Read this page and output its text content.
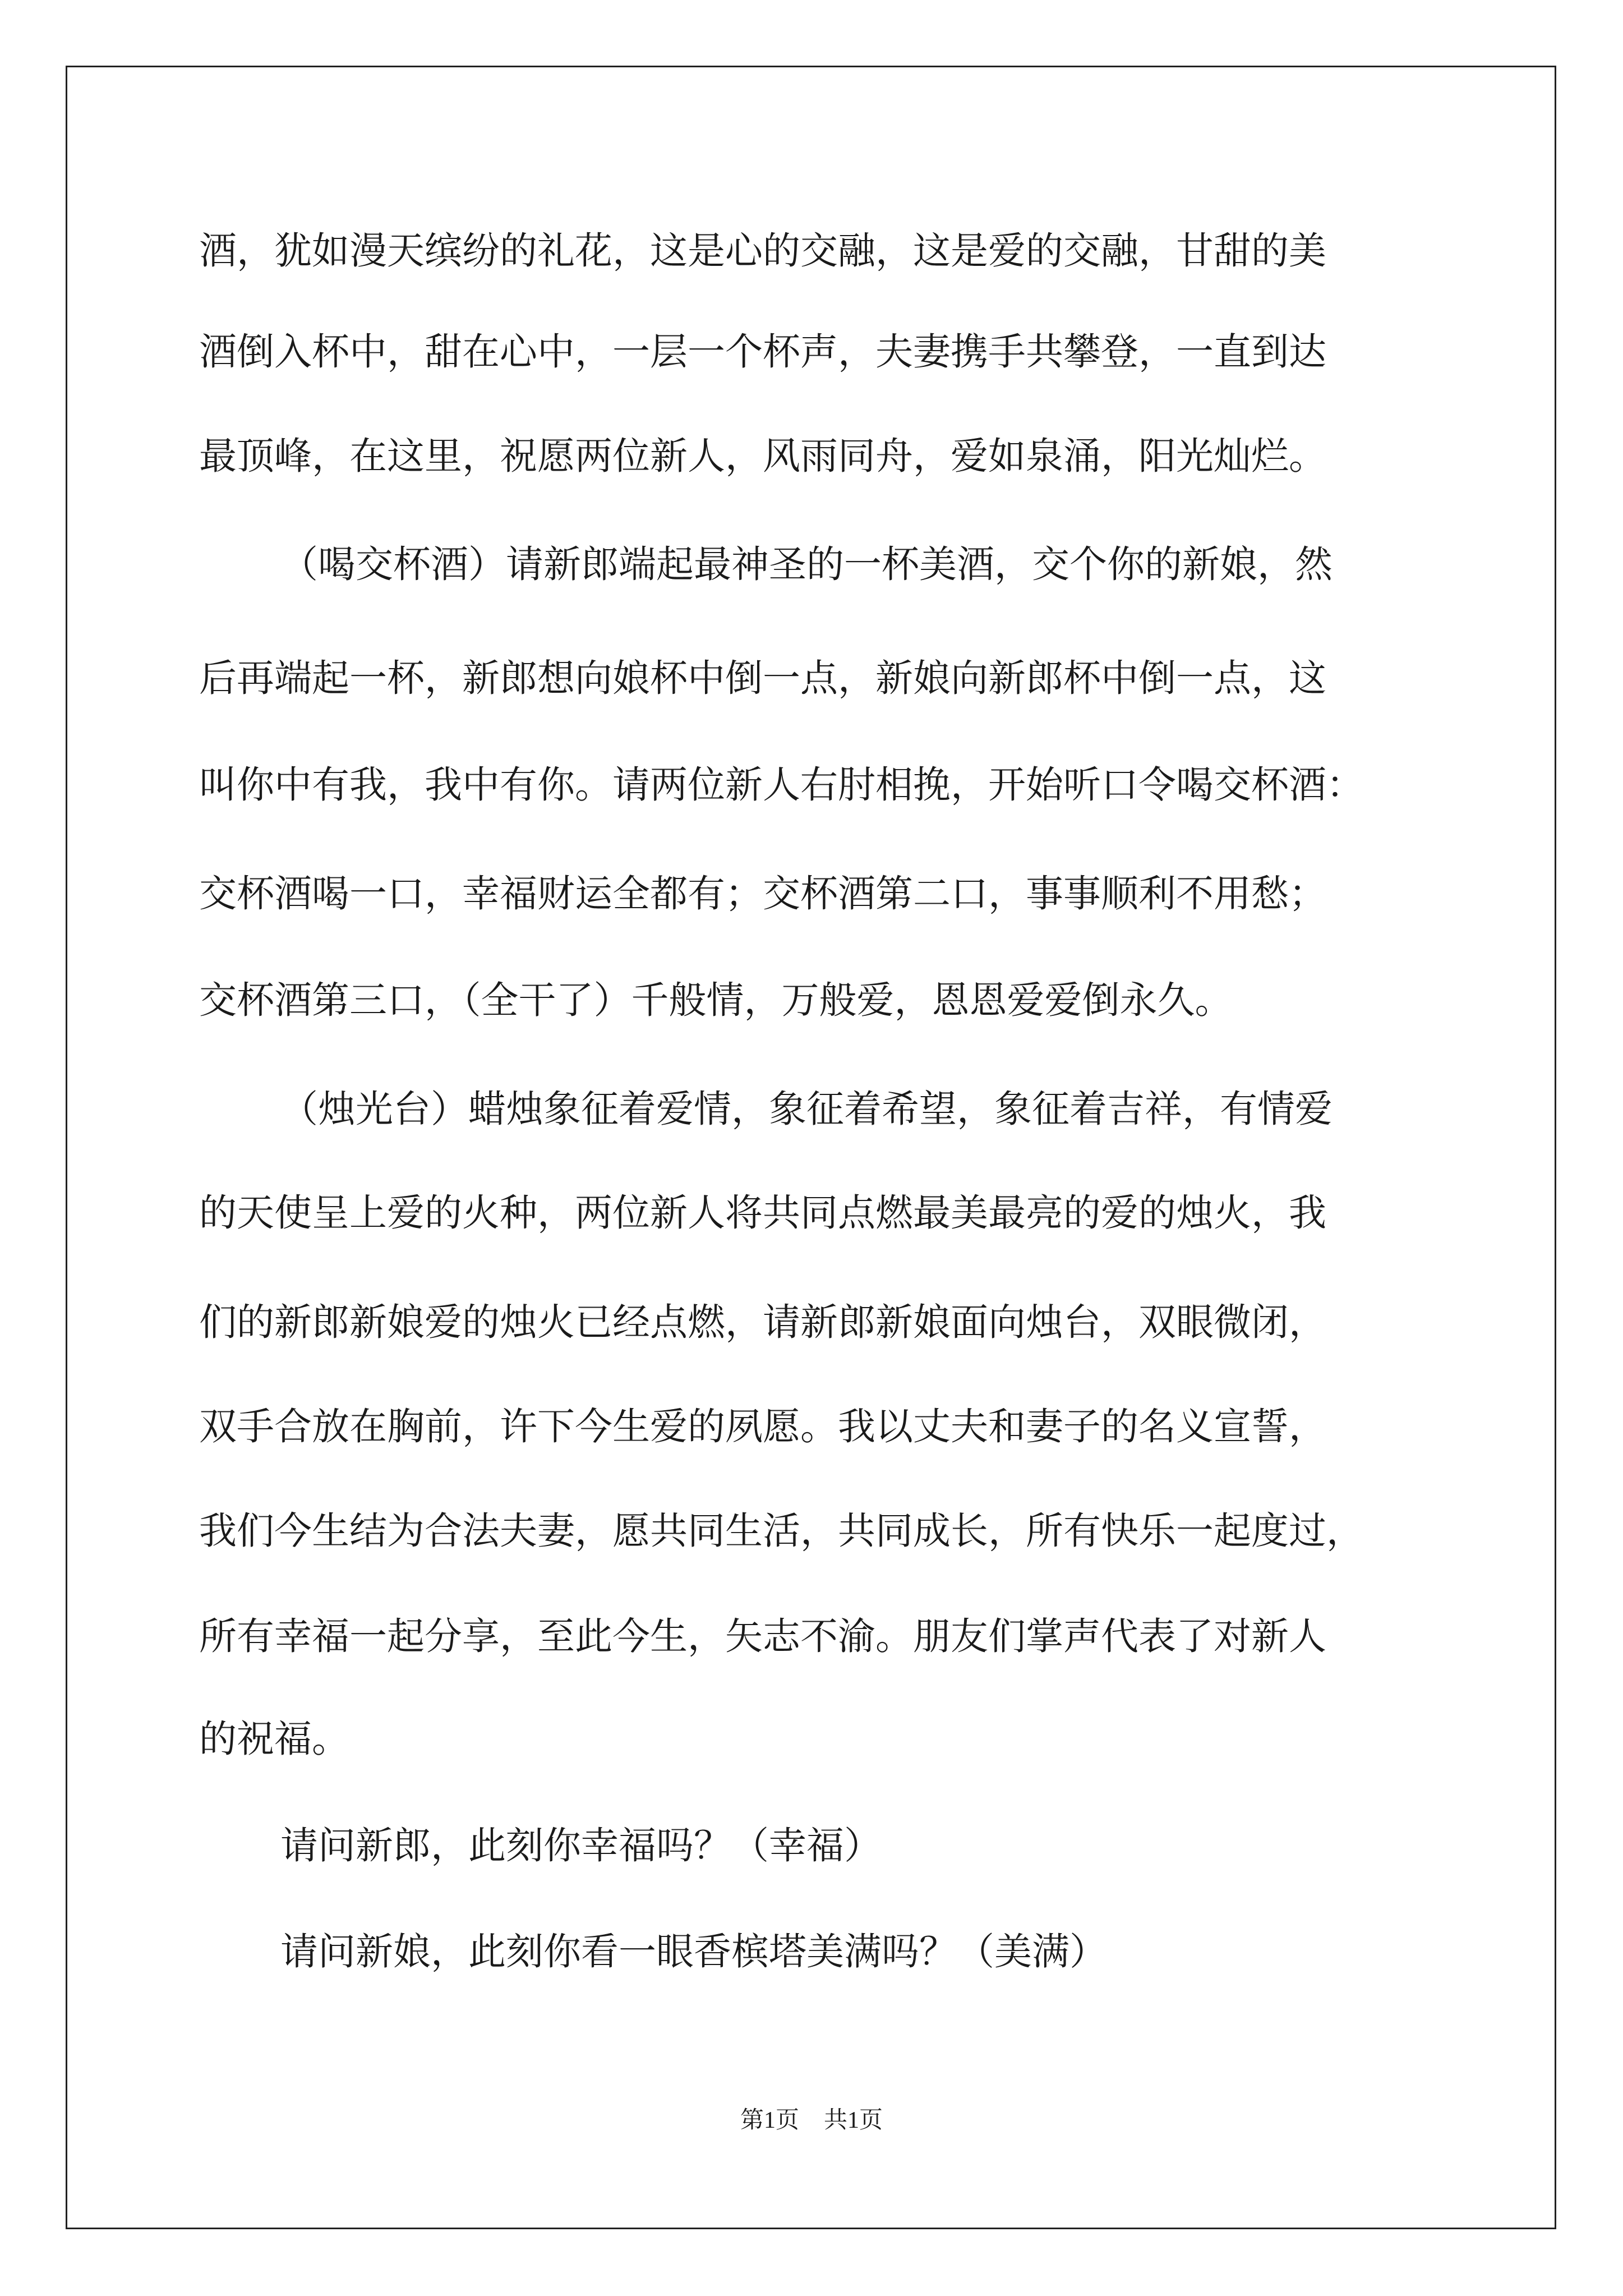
酒，犹如漫天缤纷的礼花，这是心的交融，这是爱的交融，甘甜的美
酒倒入杯中，甜在心中，一层一个杯声，夫妻携手共攀登，一直到达
最顶峰，在这里，祝愿两位新人，风雨同舟，爱如泉涌，阳光灿烂。
（喝交杯酒）请新郎端起最神圣的一杯美酒，交个你的新娘，然
后再端起一杯，新郎想向娘杯中倒一点，新娘向新郎杯中倒一点，这
叫你中有我，我中有你。请两位新人右肘相挽，开始听口令喝交杯酒：
交杯酒喝一口，幸福财运全都有；交杯酒第二口，事事顺利不用愁；
交杯酒第三口，（全干了）千般情，万般爱，恩恩爱爱倒永久。
（烛光台）蜡烛象征着爱情，象征着希望，象征着吉祥，有情爱
的天使呈上爱的火种，两位新人将共同点燃最美最亮的爱的烛火，我
们的新郎新娘爱的烛火已经点燃，请新郎新娘面向烛台，双眼微闭，
双手合放在胸前，许下今生爱的夙愿。我以丈夫和妻子的名义宣誓，
我们今生结为合法夫妻，愿共同生活，共同成长，所有快乐一起度过，
所有幸福一起分享，至此今生，矢志不渝。朋友们掌声代表了对新人
的祝福。
请问新郎，此刻你幸福吗？（幸福）
请问新娘，此刻你看一眼香槟塔美满吗？（美满）
第1页 共1页
